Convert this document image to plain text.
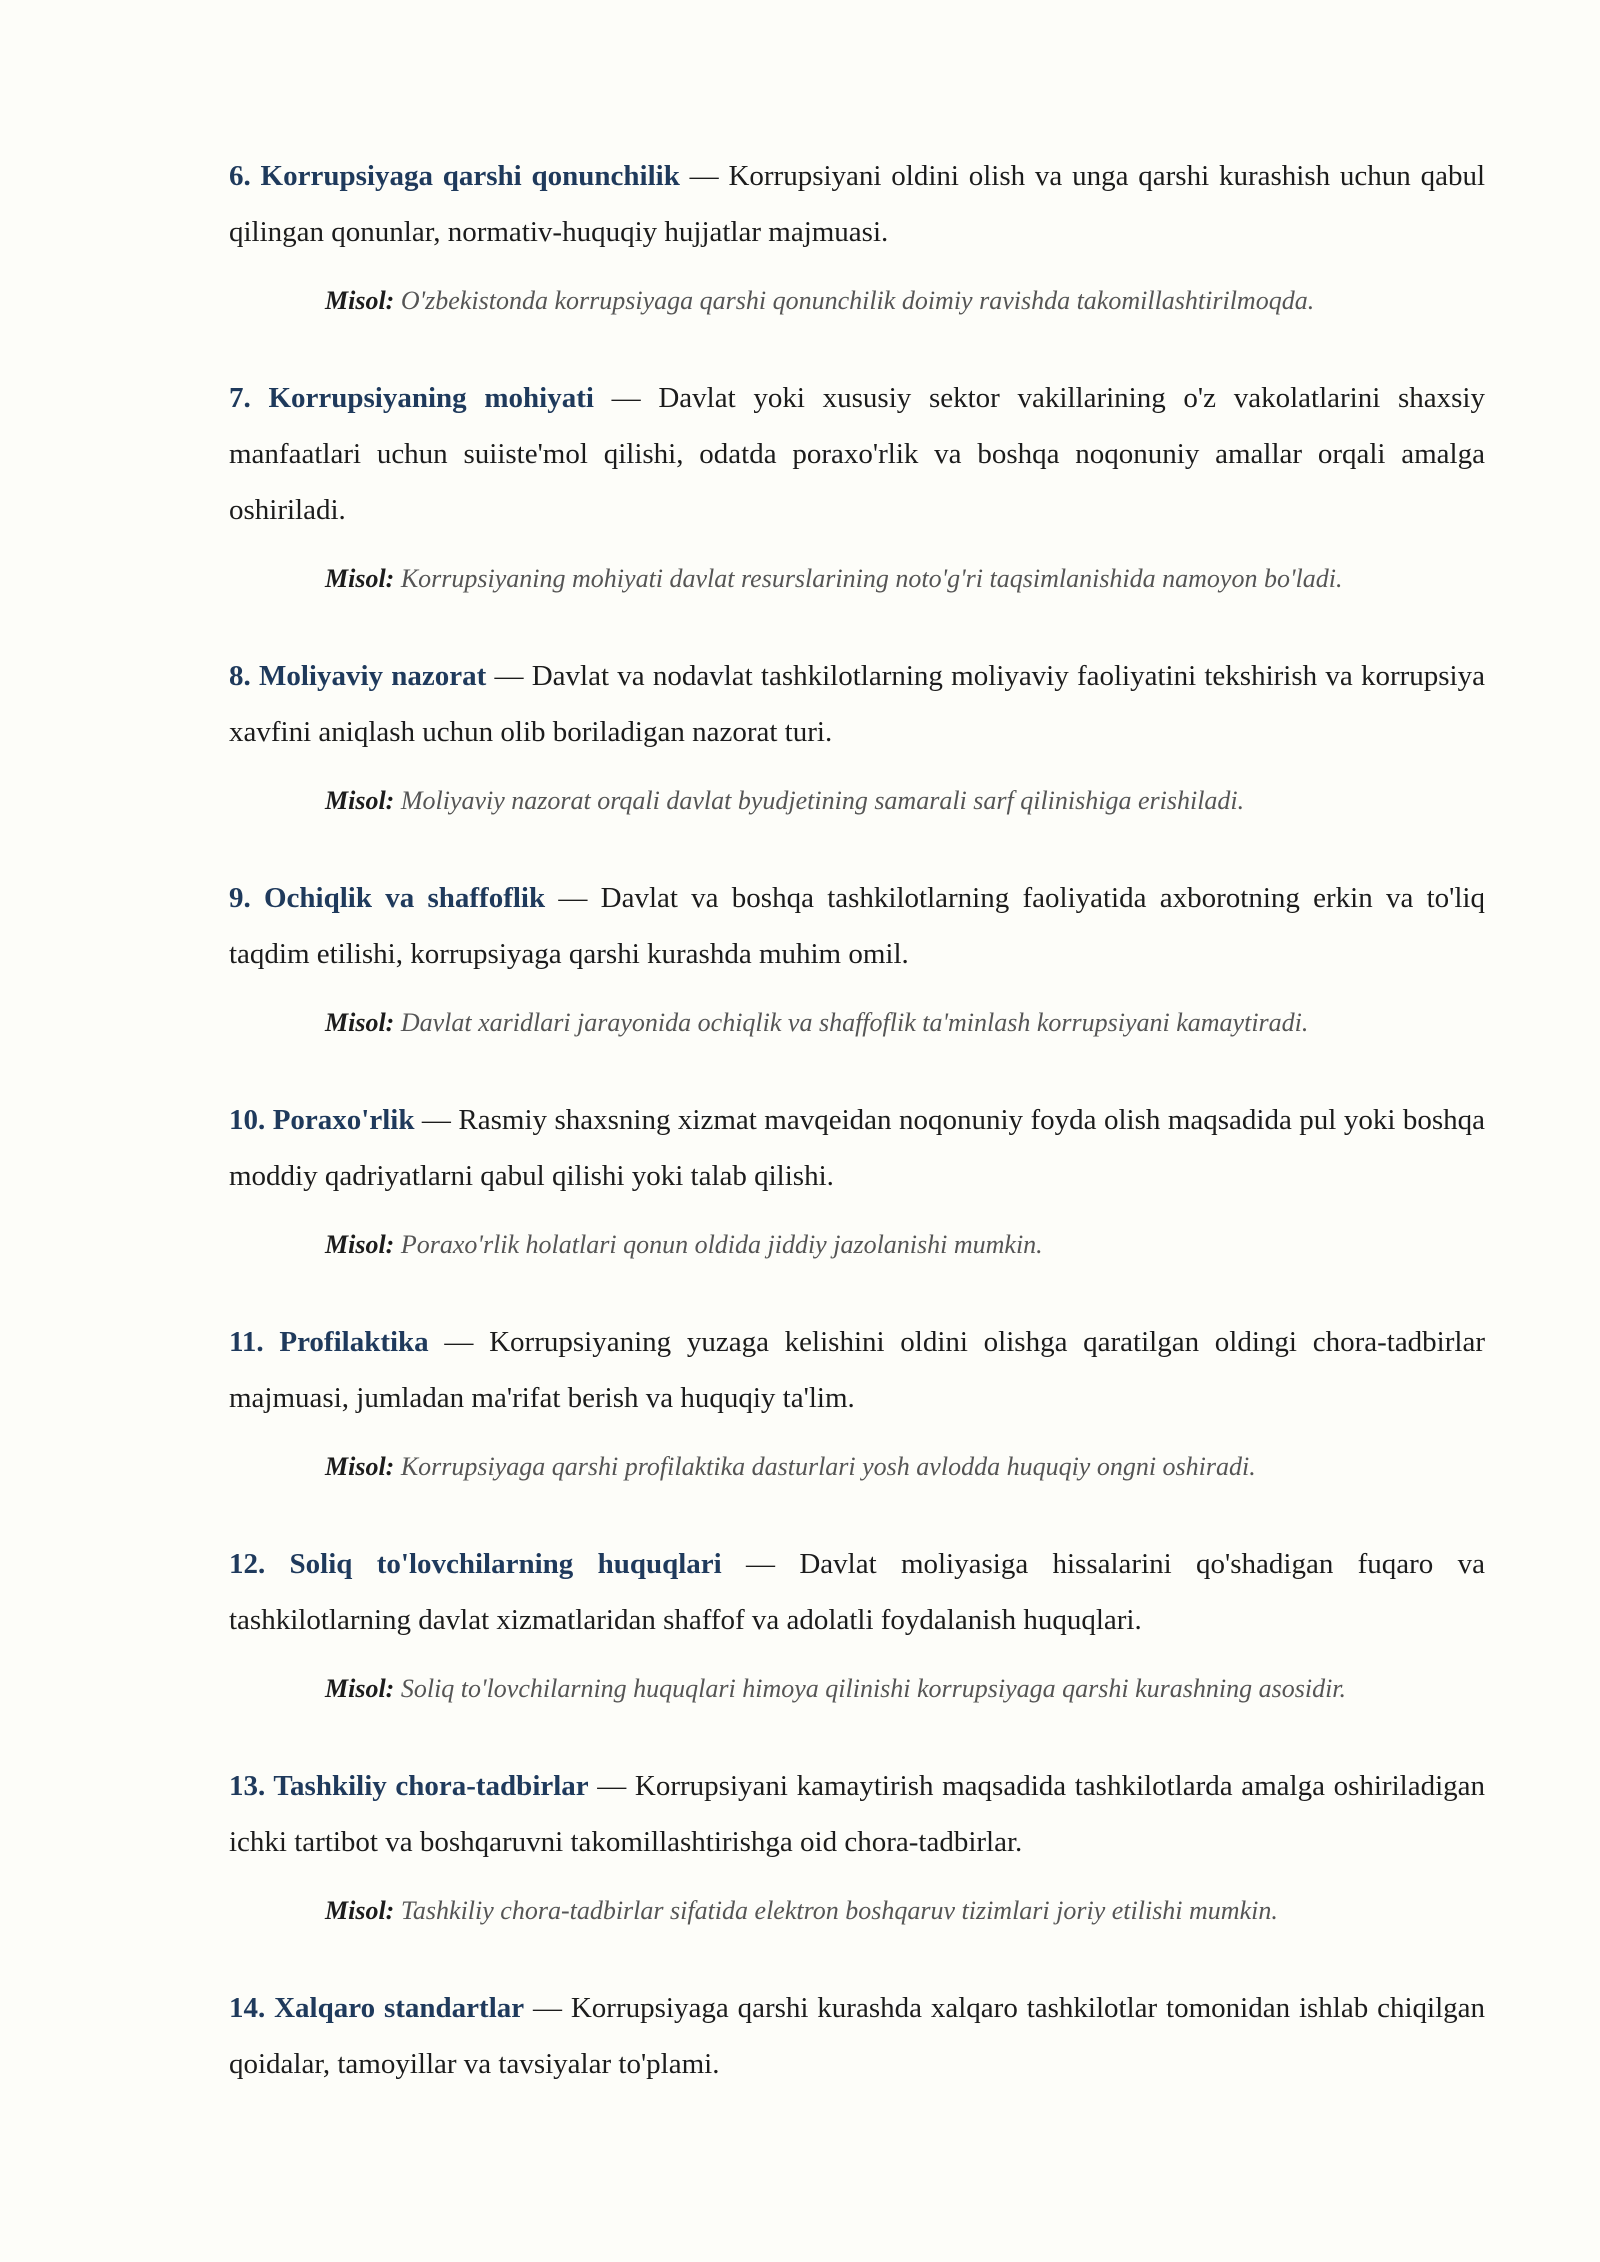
6. Korrupsiyaga qarshi qonunchilik — Korrupsiyani oldini olish va unga qarshi kurashish uchun qabul qilingan qonunlar, normativ-huquqiy hujjatlar majmuasi.

Misol: O'zbekistonda korrupsiyaga qarshi qonunchilik doimiy ravishda takomillashtirilmoqda.

7. Korrupsiyaning mohiyati — Davlat yoki xususiy sektor vakillarining o'z vakolatlarini shaxsiy manfaatlari uchun suiiste'mol qilishi, odatda poraxo'rlik va boshqa noqonuniy amallar orqali amalga oshiriladi.

Misol: Korrupsiyaning mohiyati davlat resurslarining noto'g'ri taqsimlanishida namoyon bo'ladi.

8. Moliyaviy nazorat — Davlat va nodavlat tashkilotlarning moliyaviy faoliyatini tekshirish va korrupsiya xavfini aniqlash uchun olib boriladigan nazorat turi.

Misol: Moliyaviy nazorat orqali davlat byudjetining samarali sarf qilinishiga erishiladi.

9. Ochiqlik va shaffoflik — Davlat va boshqa tashkilotlarning faoliyatida axborotning erkin va to'liq taqdim etilishi, korrupsiyaga qarshi kurashda muhim omil.

Misol: Davlat xaridlari jarayonida ochiqlik va shaffoflik ta'minlash korrupsiyani kamaytiradi.

10. Poraxo'rlik — Rasmiy shaxsning xizmat mavqeidan noqonuniy foyda olish maqsadida pul yoki boshqa moddiy qadriyatlarni qabul qilishi yoki talab qilishi.

Misol: Poraxo'rlik holatlari qonun oldida jiddiy jazolanishi mumkin.

11. Profilaktika — Korrupsiyaning yuzaga kelishini oldini olishga qaratilgan oldingi chora-tadbirlar majmuasi, jumladan ma'rifat berish va huquqiy ta'lim.

Misol: Korrupsiyaga qarshi profilaktika dasturlari yosh avlodda huquqiy ongni oshiradi.

12. Soliq to'lovchilarning huquqlari — Davlat moliyasiga hissalarini qo'shadigan fuqaro va tashkilotlarning davlat xizmatlaridan shaffof va adolatli foydalanish huquqlari.

Misol: Soliq to'lovchilarning huquqlari himoya qilinishi korrupsiyaga qarshi kurashning asosidir.

13. Tashkiliy chora-tadbirlar — Korrupsiyani kamaytirish maqsadida tashkilotlarda amalga oshiriladigan ichki tartibot va boshqaruvni takomillashtirishga oid chora-tadbirlar.

Misol: Tashkiliy chora-tadbirlar sifatida elektron boshqaruv tizimlari joriy etilishi mumkin.

14. Xalqaro standartlar — Korrupsiyaga qarshi kurashda xalqaro tashkilotlar tomonidan ishlab chiqilgan qoidalar, tamoyillar va tavsiyalar to'plami.
